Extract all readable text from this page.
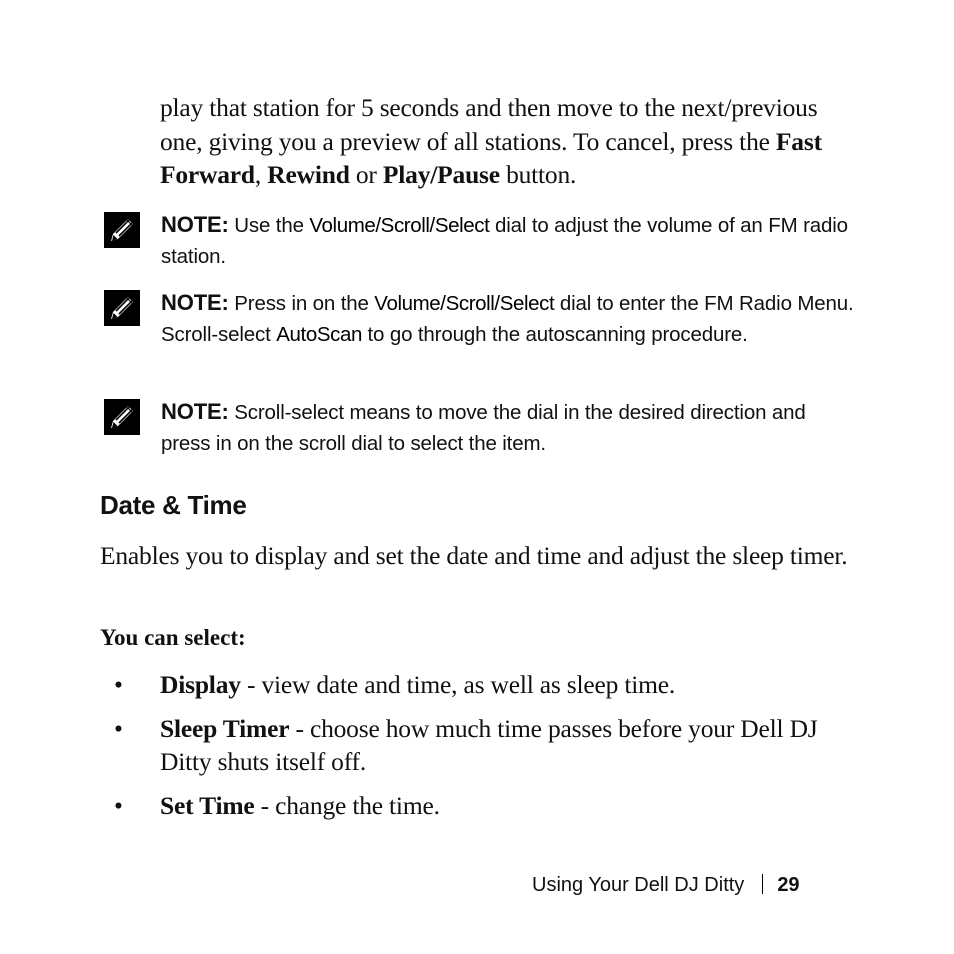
play that station for 5 seconds and then move to the next/previous one, giving you a preview of all stations. To cancel, press the Fast Forward, Rewind or Play/Pause button.

NOTE: Use the Volume/Scroll/Select dial to adjust the volume of an FM radio station.
NOTE: Press in on the Volume/Scroll/Select dial to enter the FM Radio Menu. Scroll-select AutoScan to go through the autoscanning procedure.
NOTE: Scroll-select means to move the dial in the desired direction and press in on the scroll dial to select the item.
Date & Time

Enables you to display and set the date and time and adjust the sleep timer.

You can select:

• Display - view date and time, as well as sleep time.
• Sleep Timer - choose how much time passes before your Dell DJ Ditty shuts itself off.
• Set Time - change the time.
Using Your Dell DJ Ditty 29
